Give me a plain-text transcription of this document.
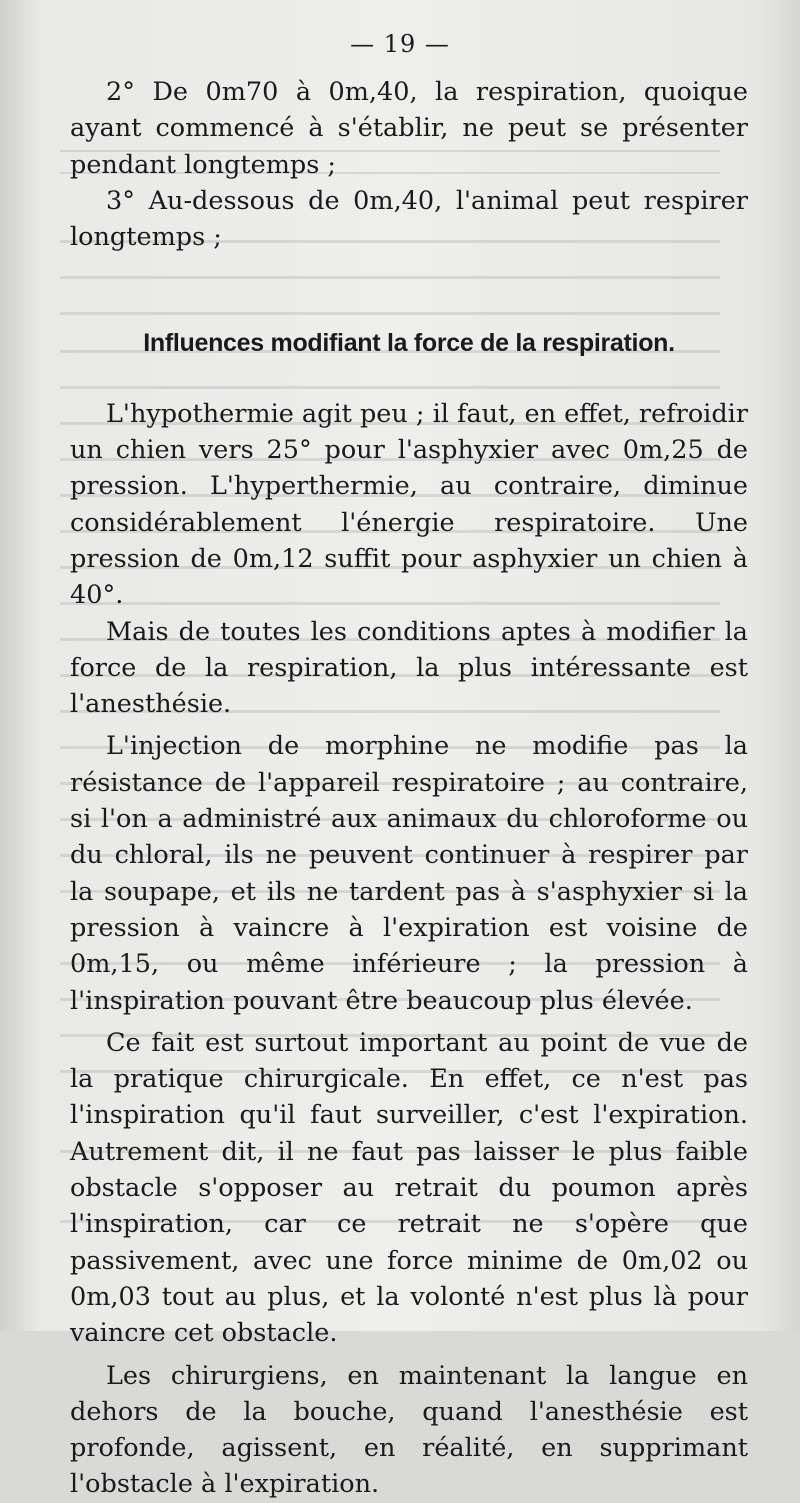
— 19 —

2° De 0m70 à 0m,40, la respiration, quoique ayant commencé à s'établir, ne peut se présenter pendant longtemps ;

3° Au-dessous de 0m,40, l'animal peut respirer longtemps ;

Influences modifiant la force de la respiration.

L'hypothermie agit peu ; il faut, en effet, refroidir un chien vers 25° pour l'asphyxier avec 0m,25 de pression. L'hyperthermie, au contraire, diminue considérablement l'énergie respiratoire. Une pression de 0m,12 suffit pour asphyxier un chien à 40°.

Mais de toutes les conditions aptes à modifier la force de la respiration, la plus intéressante est l'anesthésie.

L'injection de morphine ne modifie pas la résistance de l'appareil respiratoire ; au contraire, si l'on a administré aux animaux du chloroforme ou du chloral, ils ne peuvent continuer à respirer par la soupape, et ils ne tardent pas à s'asphyxier si la pression à vaincre à l'expiration est voisine de 0m,15, ou même inférieure ; la pression à l'inspiration pouvant être beaucoup plus élevée.

Ce fait est surtout important au point de vue de la pratique chirurgicale. En effet, ce n'est pas l'inspiration qu'il faut surveiller, c'est l'expiration. Autrement dit, il ne faut pas laisser le plus faible obstacle s'opposer au retrait du poumon après l'inspiration, car ce retrait ne s'opère que passivement, avec une force minime de 0m,02 ou 0m,03 tout au plus, et la volonté n'est plus là pour vaincre cet obstacle.

Les chirurgiens, en maintenant la langue en dehors de la bouche, quand l'anesthésie est profonde, agissent, en réalité, en supprimant l'obstacle à l'expiration.
